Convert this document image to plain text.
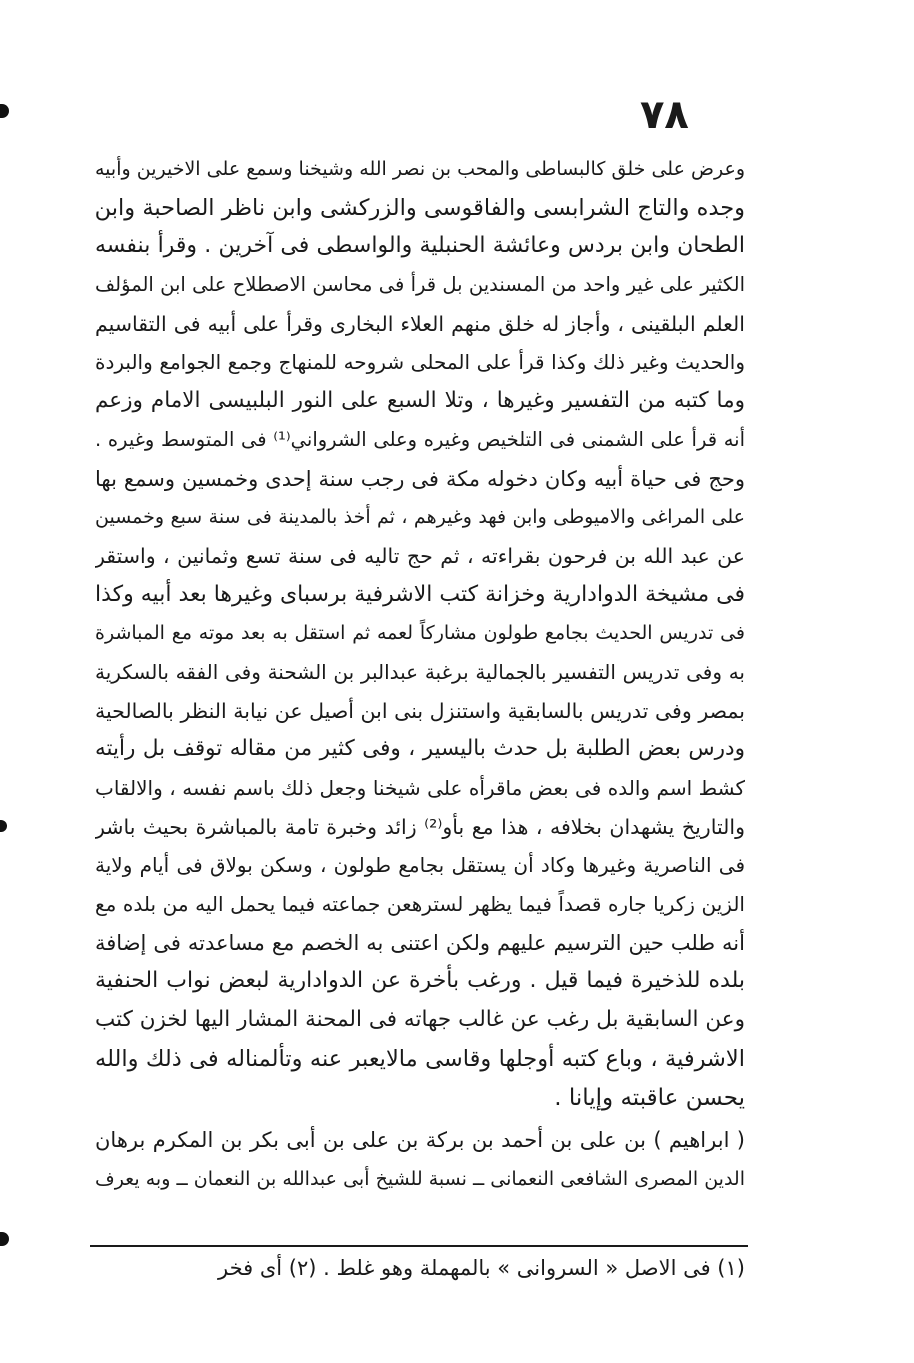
٧٨
وعرض على خلق كالبساطى والمحب بن نصر الله وشيخنا وسمع على الاخيرين وأبيه
وجده والتاج الشرابسى والفاقوسى والزركشى وابن ناظر الصاحبة وابن
الطحان وابن بردس وعائشة الحنبلية والواسطى فى آخرين . وقرأ بنفسه
الكثير على غير واحد من المسندين بل قرأ فى محاسن الاصطلاح على ابن المؤلف
العلم البلقينى ، وأجاز له خلق منهم العلاء البخارى وقرأ على أبيه فى التقاسيم
والحديث وغير ذلك وكذا قرأ على المحلى شروحه للمنهاج وجمع الجوامع والبردة
وما كتبه من التفسير وغيرها ، وتلا السبع على النور البلبيسى الامام وزعم
أنه قرأ على الشمنى فى التلخيص وغيره وعلى الشرواني⁽¹⁾ فى المتوسط وغيره .
وحج فى حياة أبيه وكان دخوله مكة فى رجب سنة إحدى وخمسين وسمع بها
على المراغى والاميوطى وابن فهد وغيرهم ، ثم أخذ بالمدينة فى سنة سبع وخمسين
عن عبد الله بن فرحون بقراءته ، ثم حج تاليه فى سنة تسع وثمانين ، واستقر
فى مشيخة الدوادارية وخزانة كتب الاشرفية برسباى وغيرها بعد أبيه وكذا
فى تدريس الحديث بجامع طولون مشاركاً لعمه ثم استقل به بعد موته مع المباشرة
به وفى تدريس التفسير بالجمالية برغبة عبدالبر بن الشحنة وفى الفقه بالسكرية
بمصر وفى تدريس بالسابقية واستنزل بنى ابن أصيل عن نيابة النظر بالصالحية
ودرس بعض الطلبة بل حدث باليسير ، وفى كثير من مقاله توقف بل رأيته
كشط اسم والده فى بعض ماقرأه على شيخنا وجعل ذلك باسم نفسه ، والالقاب
والتاريخ يشهدان بخلافه ، هذا مع بأو⁽²⁾ زائد وخبرة تامة بالمباشرة بحيث باشر
فى الناصرية وغيرها وكاد أن يستقل بجامع طولون ، وسكن بولاق فى أيام ولاية
الزين زكريا جاره قصداً فيما يظهر لسترهعن جماعته فيما يحمل اليه من بلده مع
أنه طلب حين الترسيم عليهم ولكن اعتنى به الخصم مع مساعدته فى إضافة
بلده للذخيرة فيما قيل . ورغب بأخرة عن الدوادارية لبعض نواب الحنفية
وعن السابقية بل رغب عن غالب جهاته فى المحنة المشار اليها لخزن كتب
الاشرفية ، وباع كتبه أوجلها وقاسى مالايعبر عنه وتألمناله فى ذلك والله
يحسن عاقبته وإيانا .
( ابراهيم ) بن على بن أحمد بن بركة بن على بن أبى بكر بن المكرم برهان
الدين المصرى الشافعى النعمانى ــ نسبة للشيخ أبى عبدالله بن النعمان ــ وبه يعرف
(١) فى الاصل « السروانى » بالمهملة وهو غلط . (٢) أى فخر
